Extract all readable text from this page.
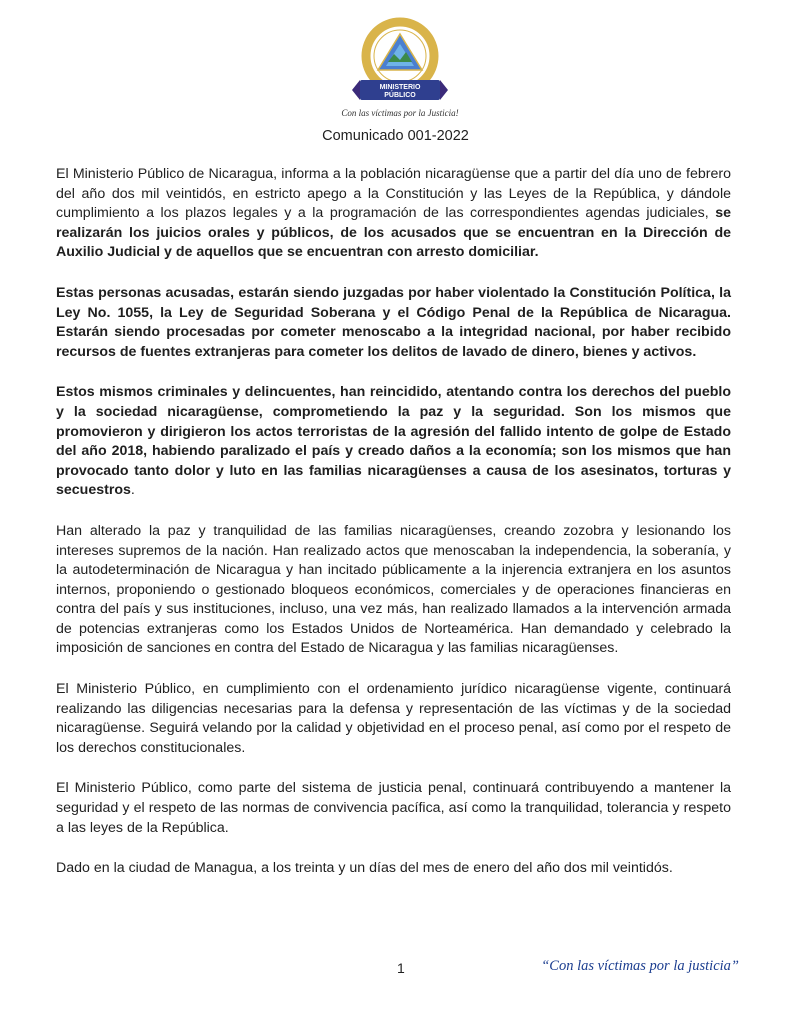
MINISTERIO
PÚBLICO
Con las víctimas por la Justicia!
Comunicado 001-2022

El Ministerio Público de Nicaragua, informa a la población nicaragüense que a partir del día uno de febrero del año dos mil veintidós, en estricto apego a la Constitución y las Leyes de la República, y dándole cumplimiento a los plazos legales y a la programación de las correspondientes agendas judiciales, se realizarán los juicios orales y públicos, de los acusados que se encuentran en la Dirección de Auxilio Judicial y de aquellos que se encuentran con arresto domiciliar.

Estas personas acusadas, estarán siendo juzgadas por haber violentado la Constitución Política, la Ley No. 1055, la Ley de Seguridad Soberana y el Código Penal de la República de Nicaragua. Estarán siendo procesadas por cometer menoscabo a la integridad nacional, por haber recibido recursos de fuentes extranjeras para cometer los delitos de lavado de dinero, bienes y activos.

Estos mismos criminales y delincuentes, han reincidido, atentando contra los derechos del pueblo y la sociedad nicaragüense, comprometiendo la paz y la seguridad. Son los mismos que promovieron y dirigieron los actos terroristas de la agresión del fallido intento de golpe de Estado del año 2018, habiendo paralizado el país y creado daños a la economía; son los mismos que han provocado tanto dolor y luto en las familias nicaragüenses a causa de los asesinatos, torturas y secuestros.

Han alterado la paz y tranquilidad de las familias nicaragüenses, creando zozobra y lesionando los intereses supremos de la nación. Han realizado actos que menoscaban la independencia, la soberanía, y la autodeterminación de Nicaragua y han incitado públicamente a la injerencia extranjera en los asuntos internos, proponiendo o gestionado bloqueos económicos, comerciales y de operaciones financieras en contra del país y sus instituciones, incluso, una vez más, han realizado llamados a la intervención armada de potencias extranjeras como los Estados Unidos de Norteamérica. Han demandado y celebrado la imposición de sanciones en contra del Estado de Nicaragua y las familias nicaragüenses.

El Ministerio Público, en cumplimiento con el ordenamiento jurídico nicaragüense vigente, continuará realizando las diligencias necesarias para la defensa y representación de las víctimas y de la sociedad nicaragüense. Seguirá velando por la calidad y objetividad en el proceso penal, así como por el respeto de los derechos constitucionales.

El Ministerio Público, como parte del sistema de justicia penal, continuará contribuyendo a mantener la seguridad y el respeto de las normas de convivencia pacífica, así como la tranquilidad, tolerancia y respeto a las leyes de la República.

Dado en la ciudad de Managua, a los treinta y un días del mes de enero del año dos mil veintidós.

1	“Con las víctimas por la justicia”
